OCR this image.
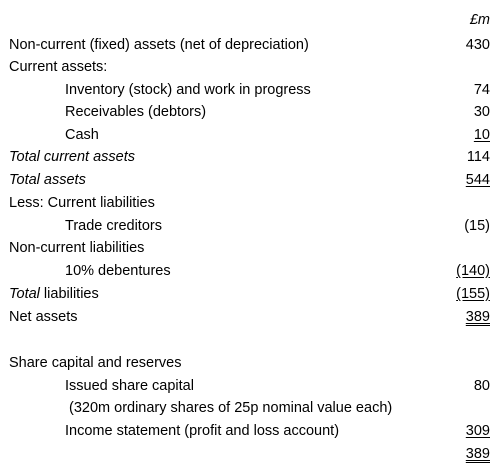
£m
Non-current (fixed) assets (net of depreciation)	430
Current assets:
Inventory (stock) and work in progress	74
Receivables (debtors)	30
Cash	10
Total current assets	114
Total assets	544
Less: Current liabilities
Trade creditors	(15)
Non-current liabilities
10% debentures	(140)
Total liabilities	(155)
Net assets	389
Share capital and reserves
Issued share capital	80
(320m ordinary shares of 25p nominal value each)
Income statement (profit and loss account)	309
389
